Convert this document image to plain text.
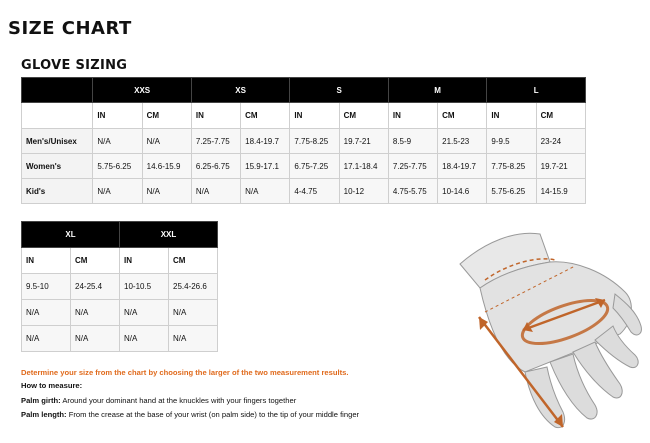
SIZE CHART
GLOVE SIZING
	XXS		XS		S		M		L	
	IN	CM	IN	CM	IN	CM	IN	CM	IN	CM
Men's/Unisex	N/A	N/A	7.25-7.75	18.4-19.7	7.75-8.25	19.7-21	8.5-9	21.5-23	9-9.5	23-24
Women's	5.75-6.25	14.6-15.9	6.25-6.75	15.9-17.1	6.75-7.25	17.1-18.4	7.25-7.75	18.4-19.7	7.75-8.25	19.7-21
Kid's	N/A	N/A	N/A	N/A	4-4.75	10-12	4.75-5.75	10-14.6	5.75-6.25	14-15.9
XL		XXL	
IN	CM	IN	CM
9.5-10	24-25.4	10-10.5	25.4-26.6
N/A	N/A	N/A	N/A
N/A	N/A	N/A	N/A
Determine your size from the chart by choosing the larger of the two measurement results.
How to measure:
Palm girth: Around your dominant hand at the knuckles with your fingers together
Palm length: From the crease at the base of your wrist (on palm side) to the tip of your middle finger
